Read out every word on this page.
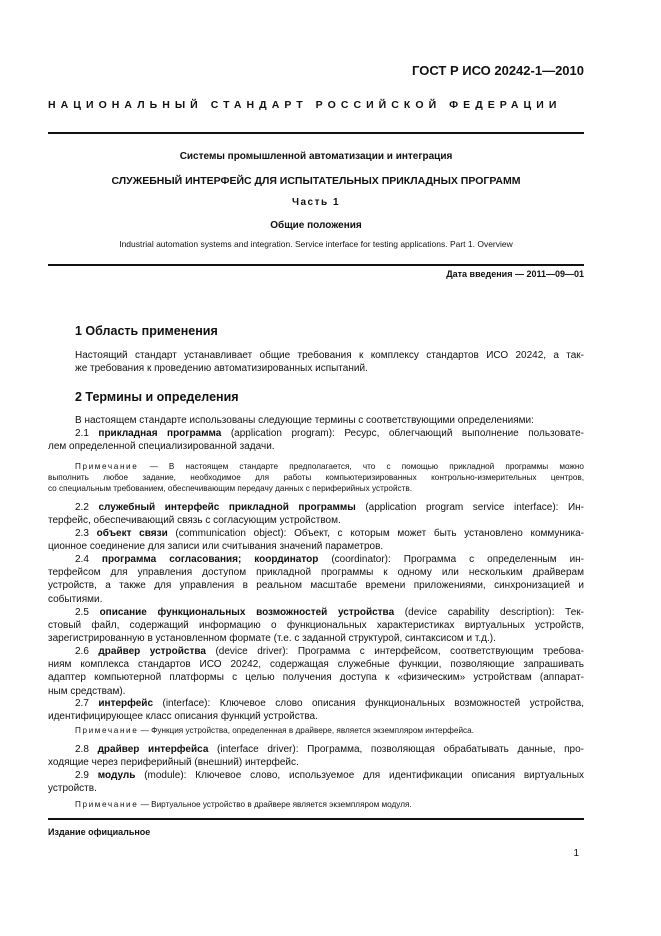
ГОСТ Р ИСО 20242-1—2010
НАЦИОНАЛЬНЫЙ СТАНДАРТ РОССИЙСКОЙ ФЕДЕРАЦИИ
Системы промышленной автоматизации и интеграция
СЛУЖЕБНЫЙ ИНТЕРФЕЙС ДЛЯ ИСПЫТАТЕЛЬНЫХ ПРИКЛАДНЫХ ПРОГРАММ
Часть 1
Общие положения
Industrial automation systems and integration. Service interface for testing applications. Part 1. Overview
Дата введения — 2011—09—01
1 Область применения
Настоящий стандарт устанавливает общие требования к комплексу стандартов ИСО 20242, а так-
же требования к проведению автоматизированных испытаний.
2 Термины и определения
В настоящем стандарте использованы следующие термины с соответствующими определениями:
2.1 прикладная программа (application program): Ресурс, облегчающий выполнение пользовате-
лем определенной специализированной задачи.
Примечание — В настоящем стандарте предполагается, что с помощью прикладной программы можно
выполнить любое задание, необходимое для работы компьютеризированных контрольно-измерительных центров,
со специальным требованием, обеспечивающим передачу данных с периферийных устройств.
2.2 служебный интерфейс прикладной программы (application program service interface): Ин-
терфейс, обеспечивающий связь с согласующим устройством.
2.3 объект связи (communication object): Объект, с которым может быть установлено коммуника-
ционное соединение для записи или считывания значений параметров.
2.4 программа согласования; координатор (coordinator): Программа с определенным ин-
терфейсом для управления доступом прикладной программы к одному или нескольким драйверам
устройств, а также для управления в реальном масштабе времени приложениями, синхронизацией и
событиями.
2.5 описание функциональных возможностей устройства (device capability description): Тек-
стовый файл, содержащий информацию о функциональных характеристиках виртуальных устройств,
зарегистрированную в установленном формате (т.е. с заданной структурой, синтаксисом и т.д.).
2.6 драйвер устройства (device driver): Программа с интерфейсом, соответствующим требова-
ниям комплекса стандартов ИСО 20242, содержащая служебные функции, позволяющие запрашивать
адаптер компьютерной платформы с целью получения доступа к «физическим» устройствам (аппарат-
ным средствам).
2.7 интерфейс (interface): Ключевое слово описания функциональных возможностей устройства,
идентифицирующее класс описания функций устройства.
Примечание — Функция устройства, определенная в драйвере, является экземпляром интерфейса.
2.8 драйвер интерфейса (interface driver): Программа, позволяющая обрабатывать данные, про-
ходящие через периферийный (внешний) интерфейс.
2.9 модуль (module): Ключевое слово, используемое для идентификации описания виртуальных
устройств.
Примечание — Виртуальное устройство в драйвере является экземпляром модуля.
Издание официальное
1
